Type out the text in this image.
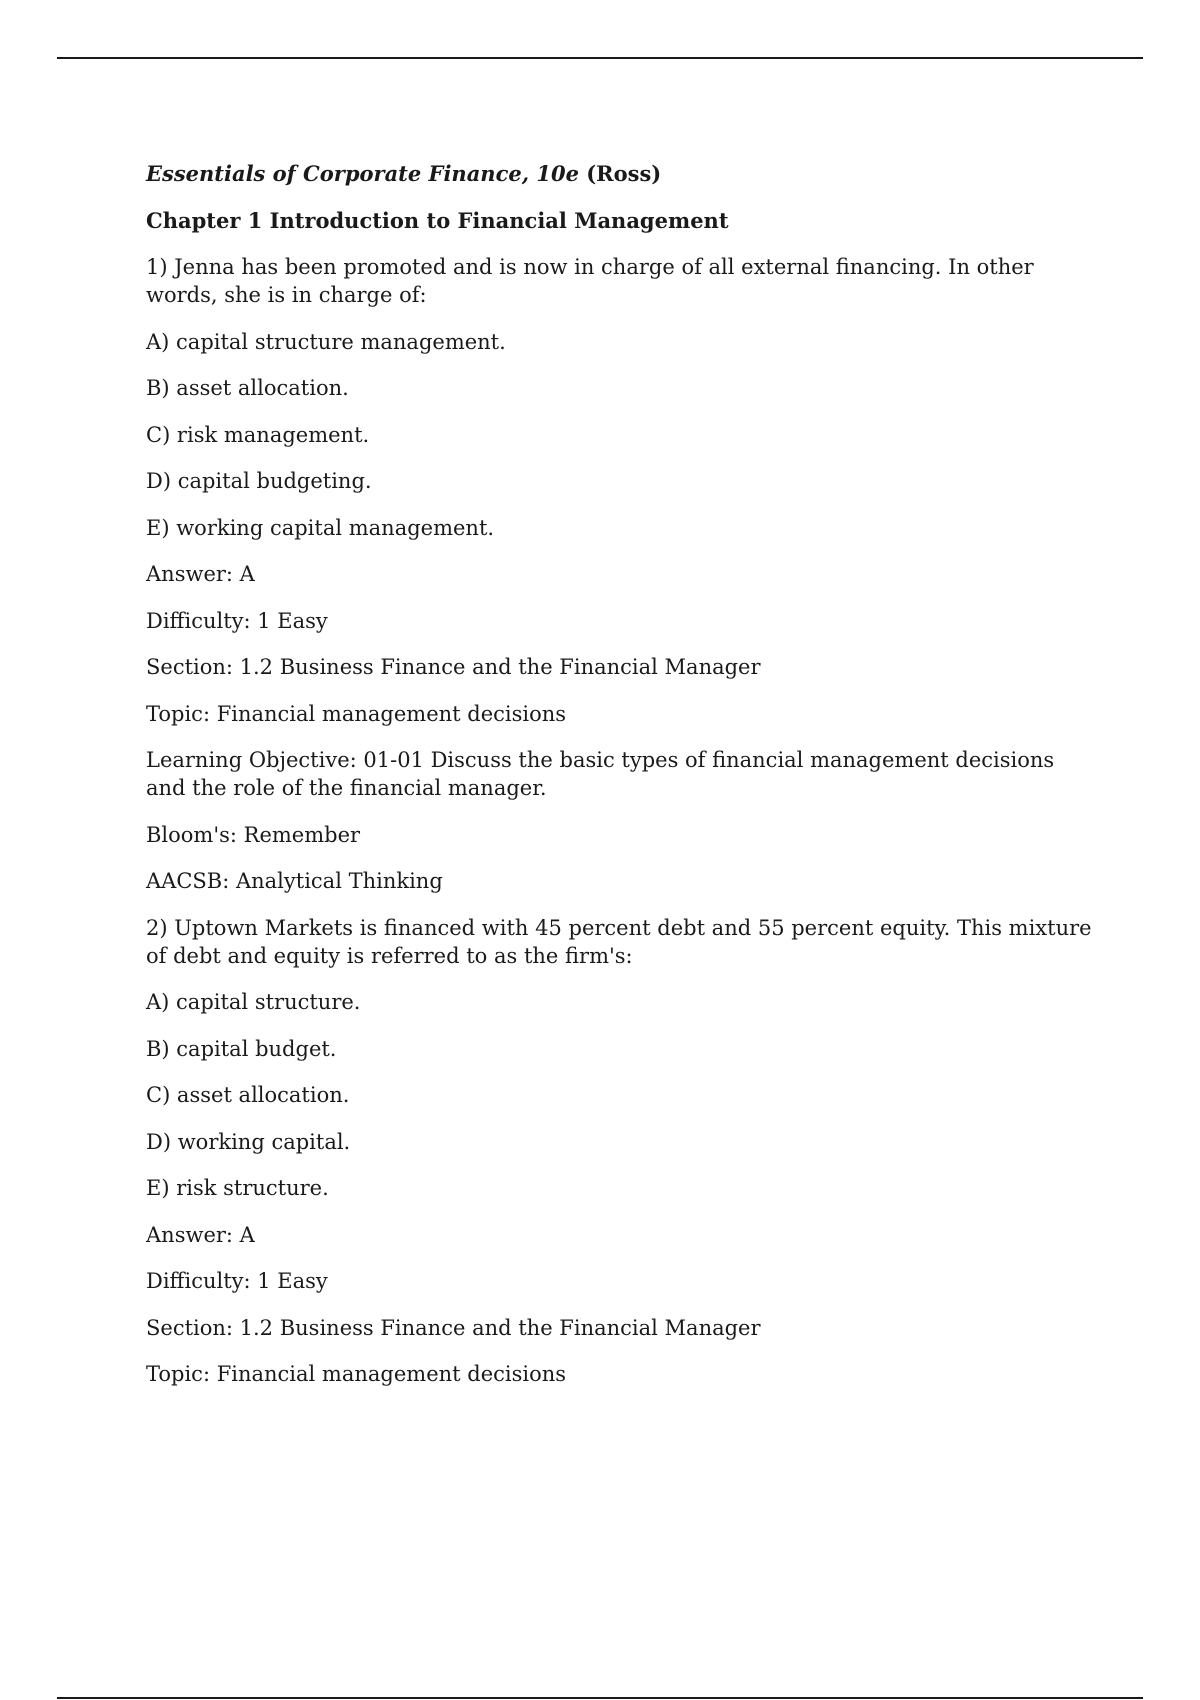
Essentials of Corporate Finance, 10e (Ross)

Chapter 1 Introduction to Financial Management

1) Jenna has been promoted and is now in charge of all external financing. In other words, she is in charge of:

A) capital structure management.

B) asset allocation.

C) risk management.

D) capital budgeting.

E) working capital management.

Answer: A

Difficulty: 1 Easy

Section: 1.2 Business Finance and the Financial Manager

Topic: Financial management decisions

Learning Objective: 01-01 Discuss the basic types of financial management decisions and the role of the financial manager.

Bloom's: Remember

AACSB: Analytical Thinking

2) Uptown Markets is financed with 45 percent debt and 55 percent equity. This mixture of debt and equity is referred to as the firm's:

A) capital structure.

B) capital budget.

C) asset allocation.

D) working capital.

E) risk structure.

Answer: A

Difficulty: 1 Easy

Section: 1.2 Business Finance and the Financial Manager

Topic: Financial management decisions
